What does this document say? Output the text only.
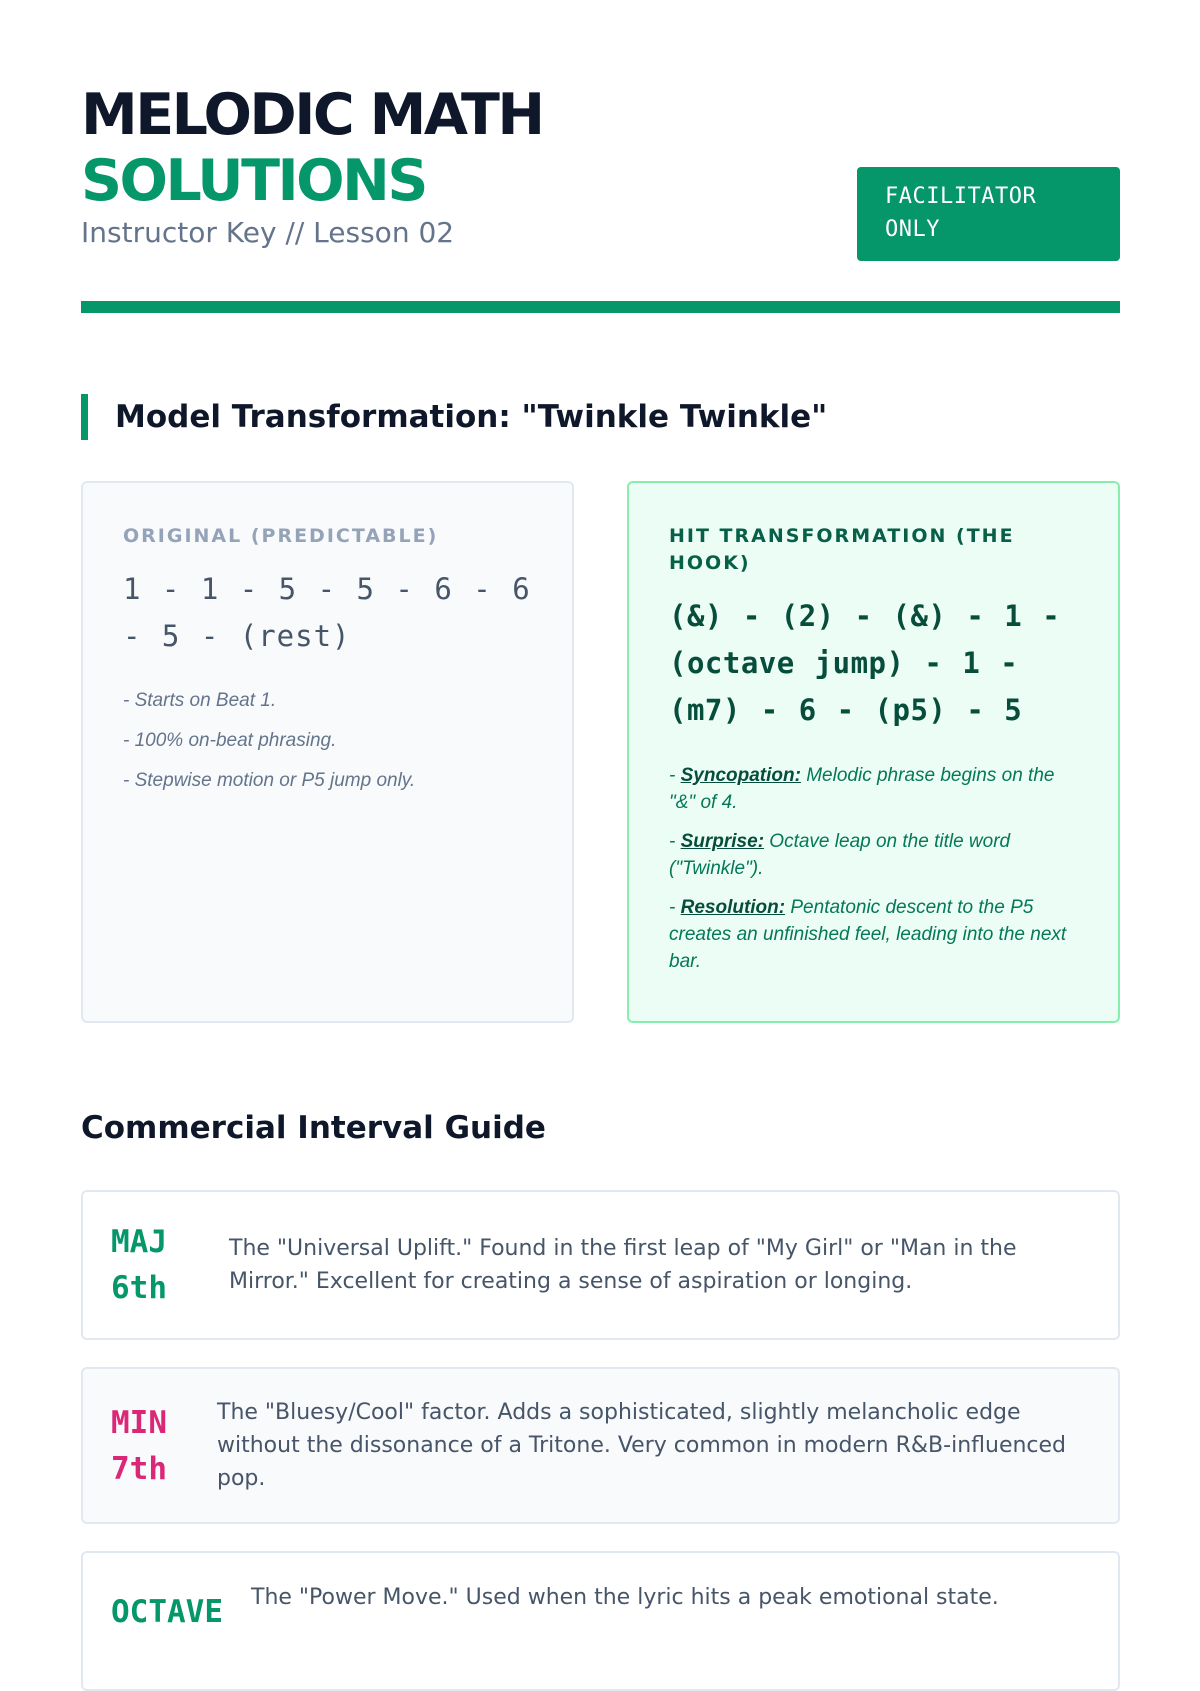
MELODIC MATH
SOLUTIONS
Instructor Key // Lesson 02
FACILITATOR
ONLY
Model Transformation: "Twinkle Twinkle"
ORIGINAL (PREDICTABLE)
1 - 1 - 5 - 5 - 6 - 6
- 5 - (rest)
- Starts on Beat 1.
- 100% on-beat phrasing.
- Stepwise motion or P5 jump only.
HIT TRANSFORMATION (THE
HOOK)
(&) - (2) - (&) - 1 -
(octave jump) - 1 -
(m7) - 6 - (p5) - 5
- Syncopation: Melodic phrase begins on the "&" of 4.
- Surprise: Octave leap on the title word ("Twinkle").
- Resolution: Pentatonic descent to the P5 creates an unfinished feel, leading into the next bar.
Commercial Interval Guide
MAJ
6th
The "Universal Uplift." Found in the first leap of "My Girl" or "Man in the Mirror." Excellent for creating a sense of aspiration or longing.
MIN
7th
The "Bluesy/Cool" factor. Adds a sophisticated, slightly melancholic edge without the dissonance of a Tritone. Very common in modern R&B-influenced pop.
OCTAVE	The "Power Move." Used when the lyric hits a peak emotional state.
